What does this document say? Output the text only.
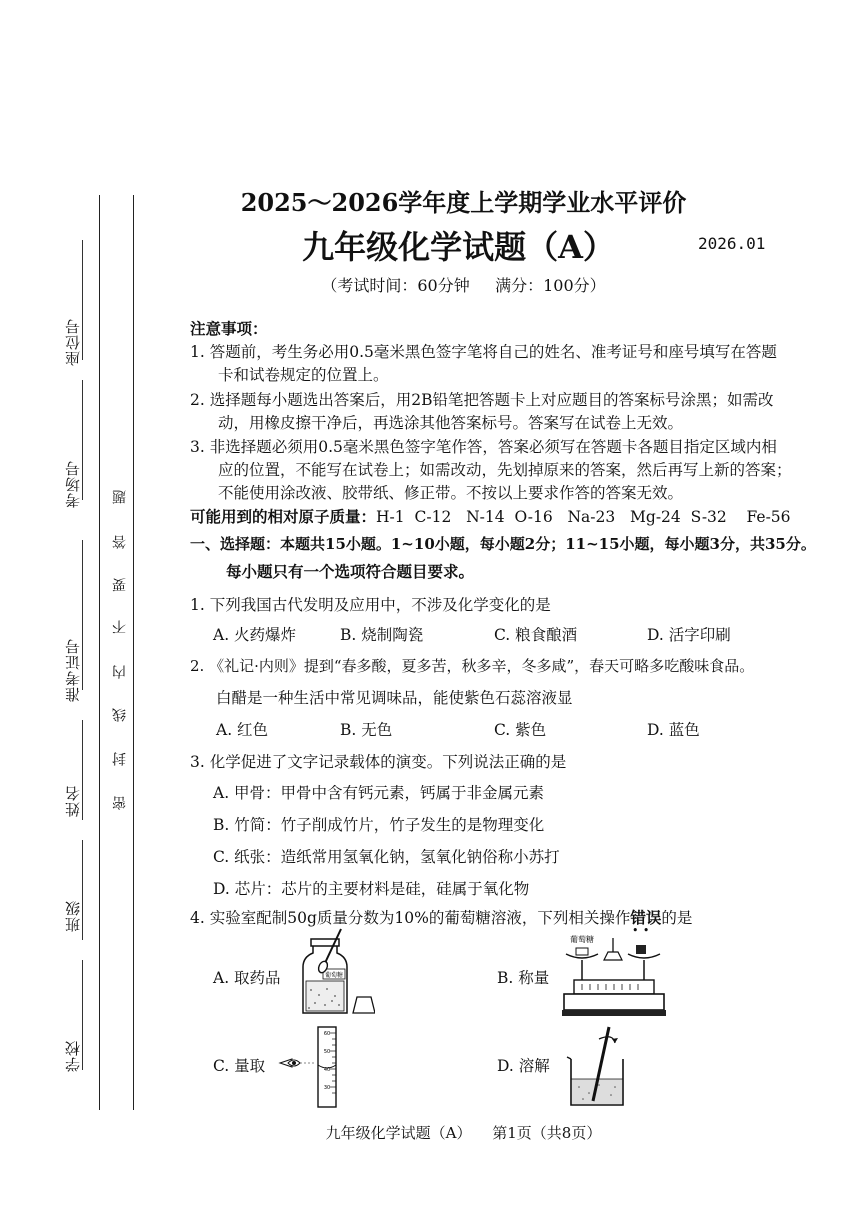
座位号
考场号
准考证号
姓名
班级
学校
题
答
要
不
内
线
封
密
2025～2026学年度上学期学业水平评价
九年级化学试题（A）	2026.01
（考试时间：60分钟     满分：100分）
注意事项：
1. 答题前，考生务必用0.5毫米黑色签字笔将自己的姓名、准考证号和座号填写在答题
卡和试卷规定的位置上。
2. 选择题每小题选出答案后，用2B铅笔把答题卡上对应题目的答案标号涂黑；如需改
动，用橡皮擦干净后，再选涂其他答案标号。答案写在试卷上无效。
3. 非选择题必须用0.5毫米黑色签字笔作答，答案必须写在答题卡各题目指定区域内相
应的位置，不能写在试卷上；如需改动，先划掉原来的答案，然后再写上新的答案；
不能使用涂改液、胶带纸、修正带。不按以上要求作答的答案无效。
可能用到的相对原子质量：H-1  C-12   N-14  O-16   Na-23   Mg-24  S-32    Fe-56
一、选择题：本题共15小题。1~10小题，每小题2分；11~15小题，每小题3分，共35分。
每小题只有一个选项符合题目要求。
1. 下列我国古代发明及应用中，不涉及化学变化的是
A. 火药爆炸	B. 烧制陶瓷	C. 粮食酿酒	D. 活字印刷
2. 《礼记·内则》提到“春多酸，夏多苦，秋多辛，冬多咸”，春天可略多吃酸味食品。
白醋是一种生活中常见调味品，能使紫色石蕊溶液显
A. 红色	B. 无色	C. 紫色	D. 蓝色
3. 化学促进了文字记录载体的演变。下列说法正确的是
A. 甲骨：甲骨中含有钙元素，钙属于非金属元素
B. 竹简：竹子削成竹片，竹子发生的是物理变化
C. 纸张：造纸常用氢氧化钠，氢氧化钠俗称小苏打
D. 芯片：芯片的主要材料是硅，硅属于氧化物
4. 实验室配制50g质量分数为10%的葡萄糖溶液，下列相关操作错误 • •的是
A. 取药品	B. 称量
C. 量取	D. 溶解
葡萄糖
葡萄糖
60
50
40
30
九年级化学试题（A） 第1页（共8页）
